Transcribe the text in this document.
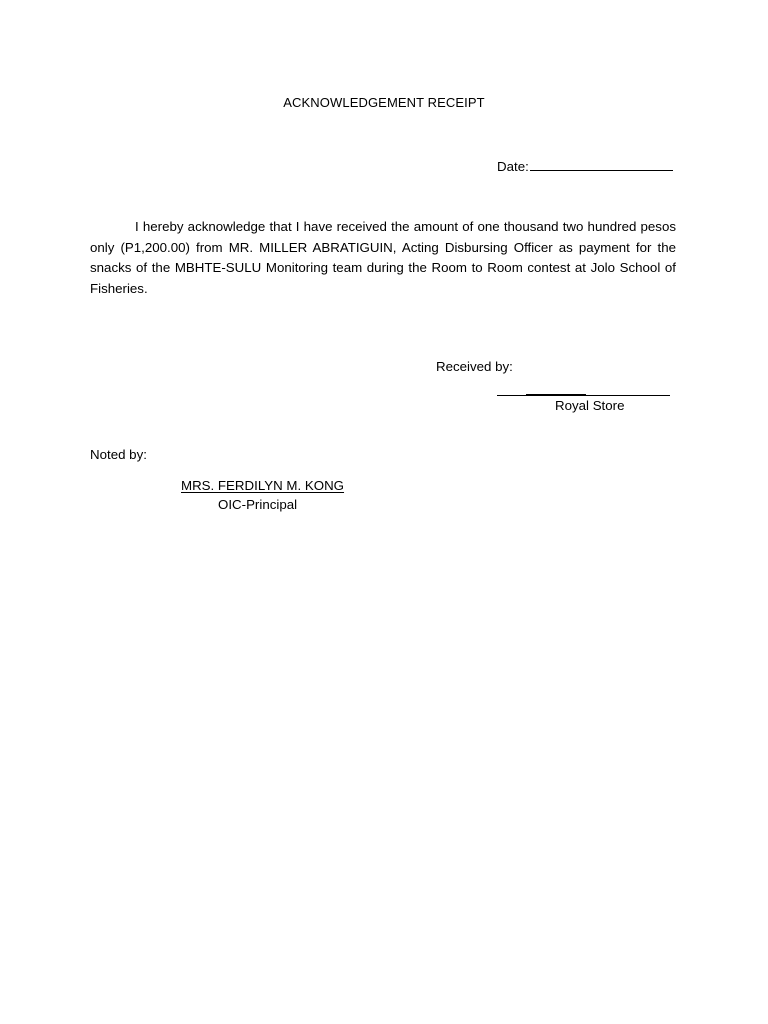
ACKNOWLEDGEMENT RECEIPT
Date:
I hereby acknowledge that I have received the amount of one thousand two hundred pesos only (P1,200.00) from MR. MILLER ABRATIGUIN, Acting Disbursing Officer as payment for the snacks of the MBHTE-SULU Monitoring team during the Room to Room contest at Jolo School of Fisheries.
Received by:
Royal Store
Noted by:
MRS. FERDILYN M. KONG
OIC-Principal
